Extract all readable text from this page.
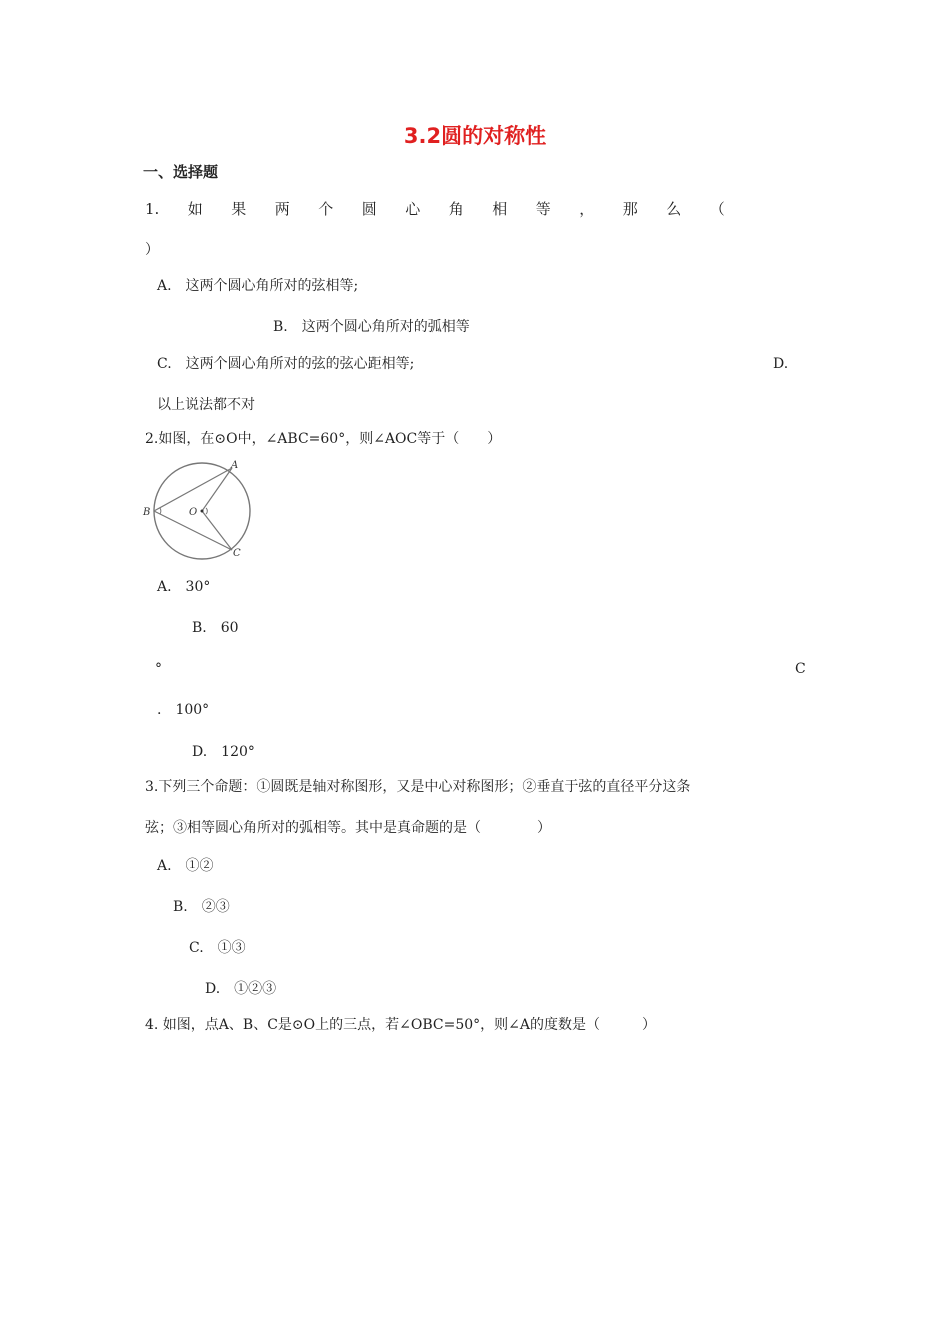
3.2圆的对称性
一、选择题
1. 如 果 两 个 圆 心 角 相 等 ， 那 么 （
）
A.　这两个圆心角所对的弦相等;
B.　这两个圆心角所对的弧相等
C.　这两个圆心角所对的弦的弦心距相等;	D.
以上说法都不对
2.如图，在⊙O中，∠ABC=60°，则∠AOC等于（　　）
A
B
C
O
A.　30°
B.　60
°	C
.　100°
D.　120°
3.下列三个命题：①圆既是轴对称图形，又是中心对称图形；②垂直于弦的直径平分这条
弦；③相等圆心角所对的弧相等。其中是真命题的是（　　　　）
A.　①②
B.　②③
C.　①③
D.　①②③
4. 如图，点A、B、C是⊙O上的三点，若∠OBC=50°，则∠A的度数是（　　　）
